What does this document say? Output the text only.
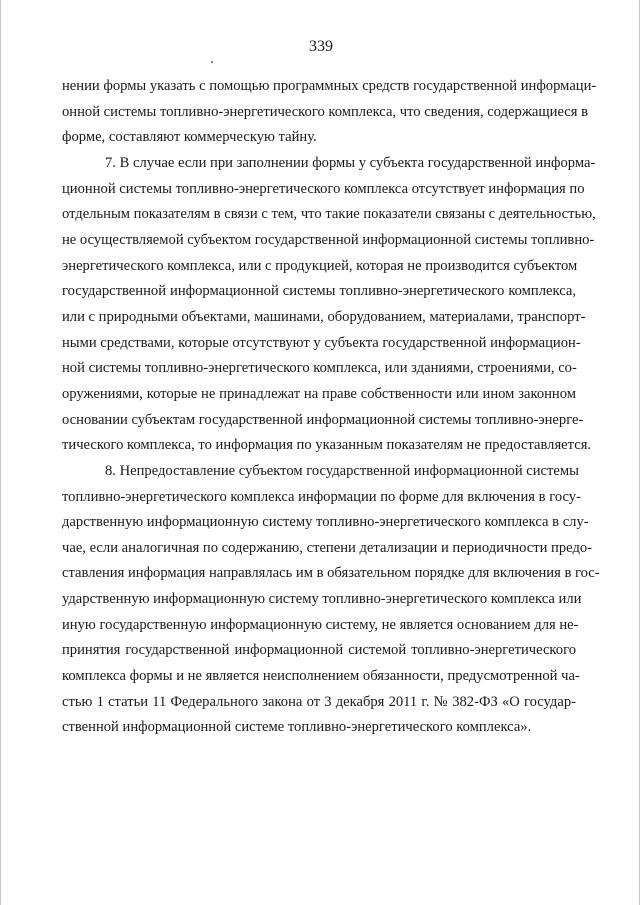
339
нении формы указать с помощью программных средств государственной информаци-
онной системы топливно-энергетического комплекса, что сведения, содержащиеся в
форме, составляют коммерческую тайну.
7. В случае если при заполнении формы у субъекта государственной информа-
ционной системы топливно-энергетического комплекса отсутствует информация по
отдельным показателям в связи с тем, что такие показатели связаны с деятельностью,
не осуществляемой субъектом государственной информационной системы топливно-
энергетического комплекса, или с продукцией, которая не производится субъектом
государственной информационной системы топливно-энергетического комплекса,
или с природными объектами, машинами, оборудованием, материалами, транспорт-
ными средствами, которые отсутствуют у субъекта государственной информацион-
ной системы топливно-энергетического комплекса, или зданиями, строениями, со-
оружениями, которые не принадлежат на праве собственности или ином законном
основании субъектам государственной информационной системы топливно-энерге-
тического комплекса, то информация по указанным показателям не предоставляется.
8. Непредоставление субъектом государственной информационной системы
топливно-энергетического комплекса информации по форме для включения в госу-
дарственную информационную систему топливно-энергетического комплекса в слу-
чае, если аналогичная по содержанию, степени детализации и периодичности предо-
ставления информация направлялась им в обязательном порядке для включения в гос-
ударственную информационную систему топливно-энергетического комплекса или
иную государственную информационную систему, не является основанием для не-
принятия государственной информационной системой топливно-энергетического
комплекса формы и не является неисполнением обязанности, предусмотренной ча-
стью 1 статьи 11 Федерального закона от 3 декабря 2011 г. № 382-ФЗ «О государ-
ственной информационной системе топливно-энергетического комплекса».
